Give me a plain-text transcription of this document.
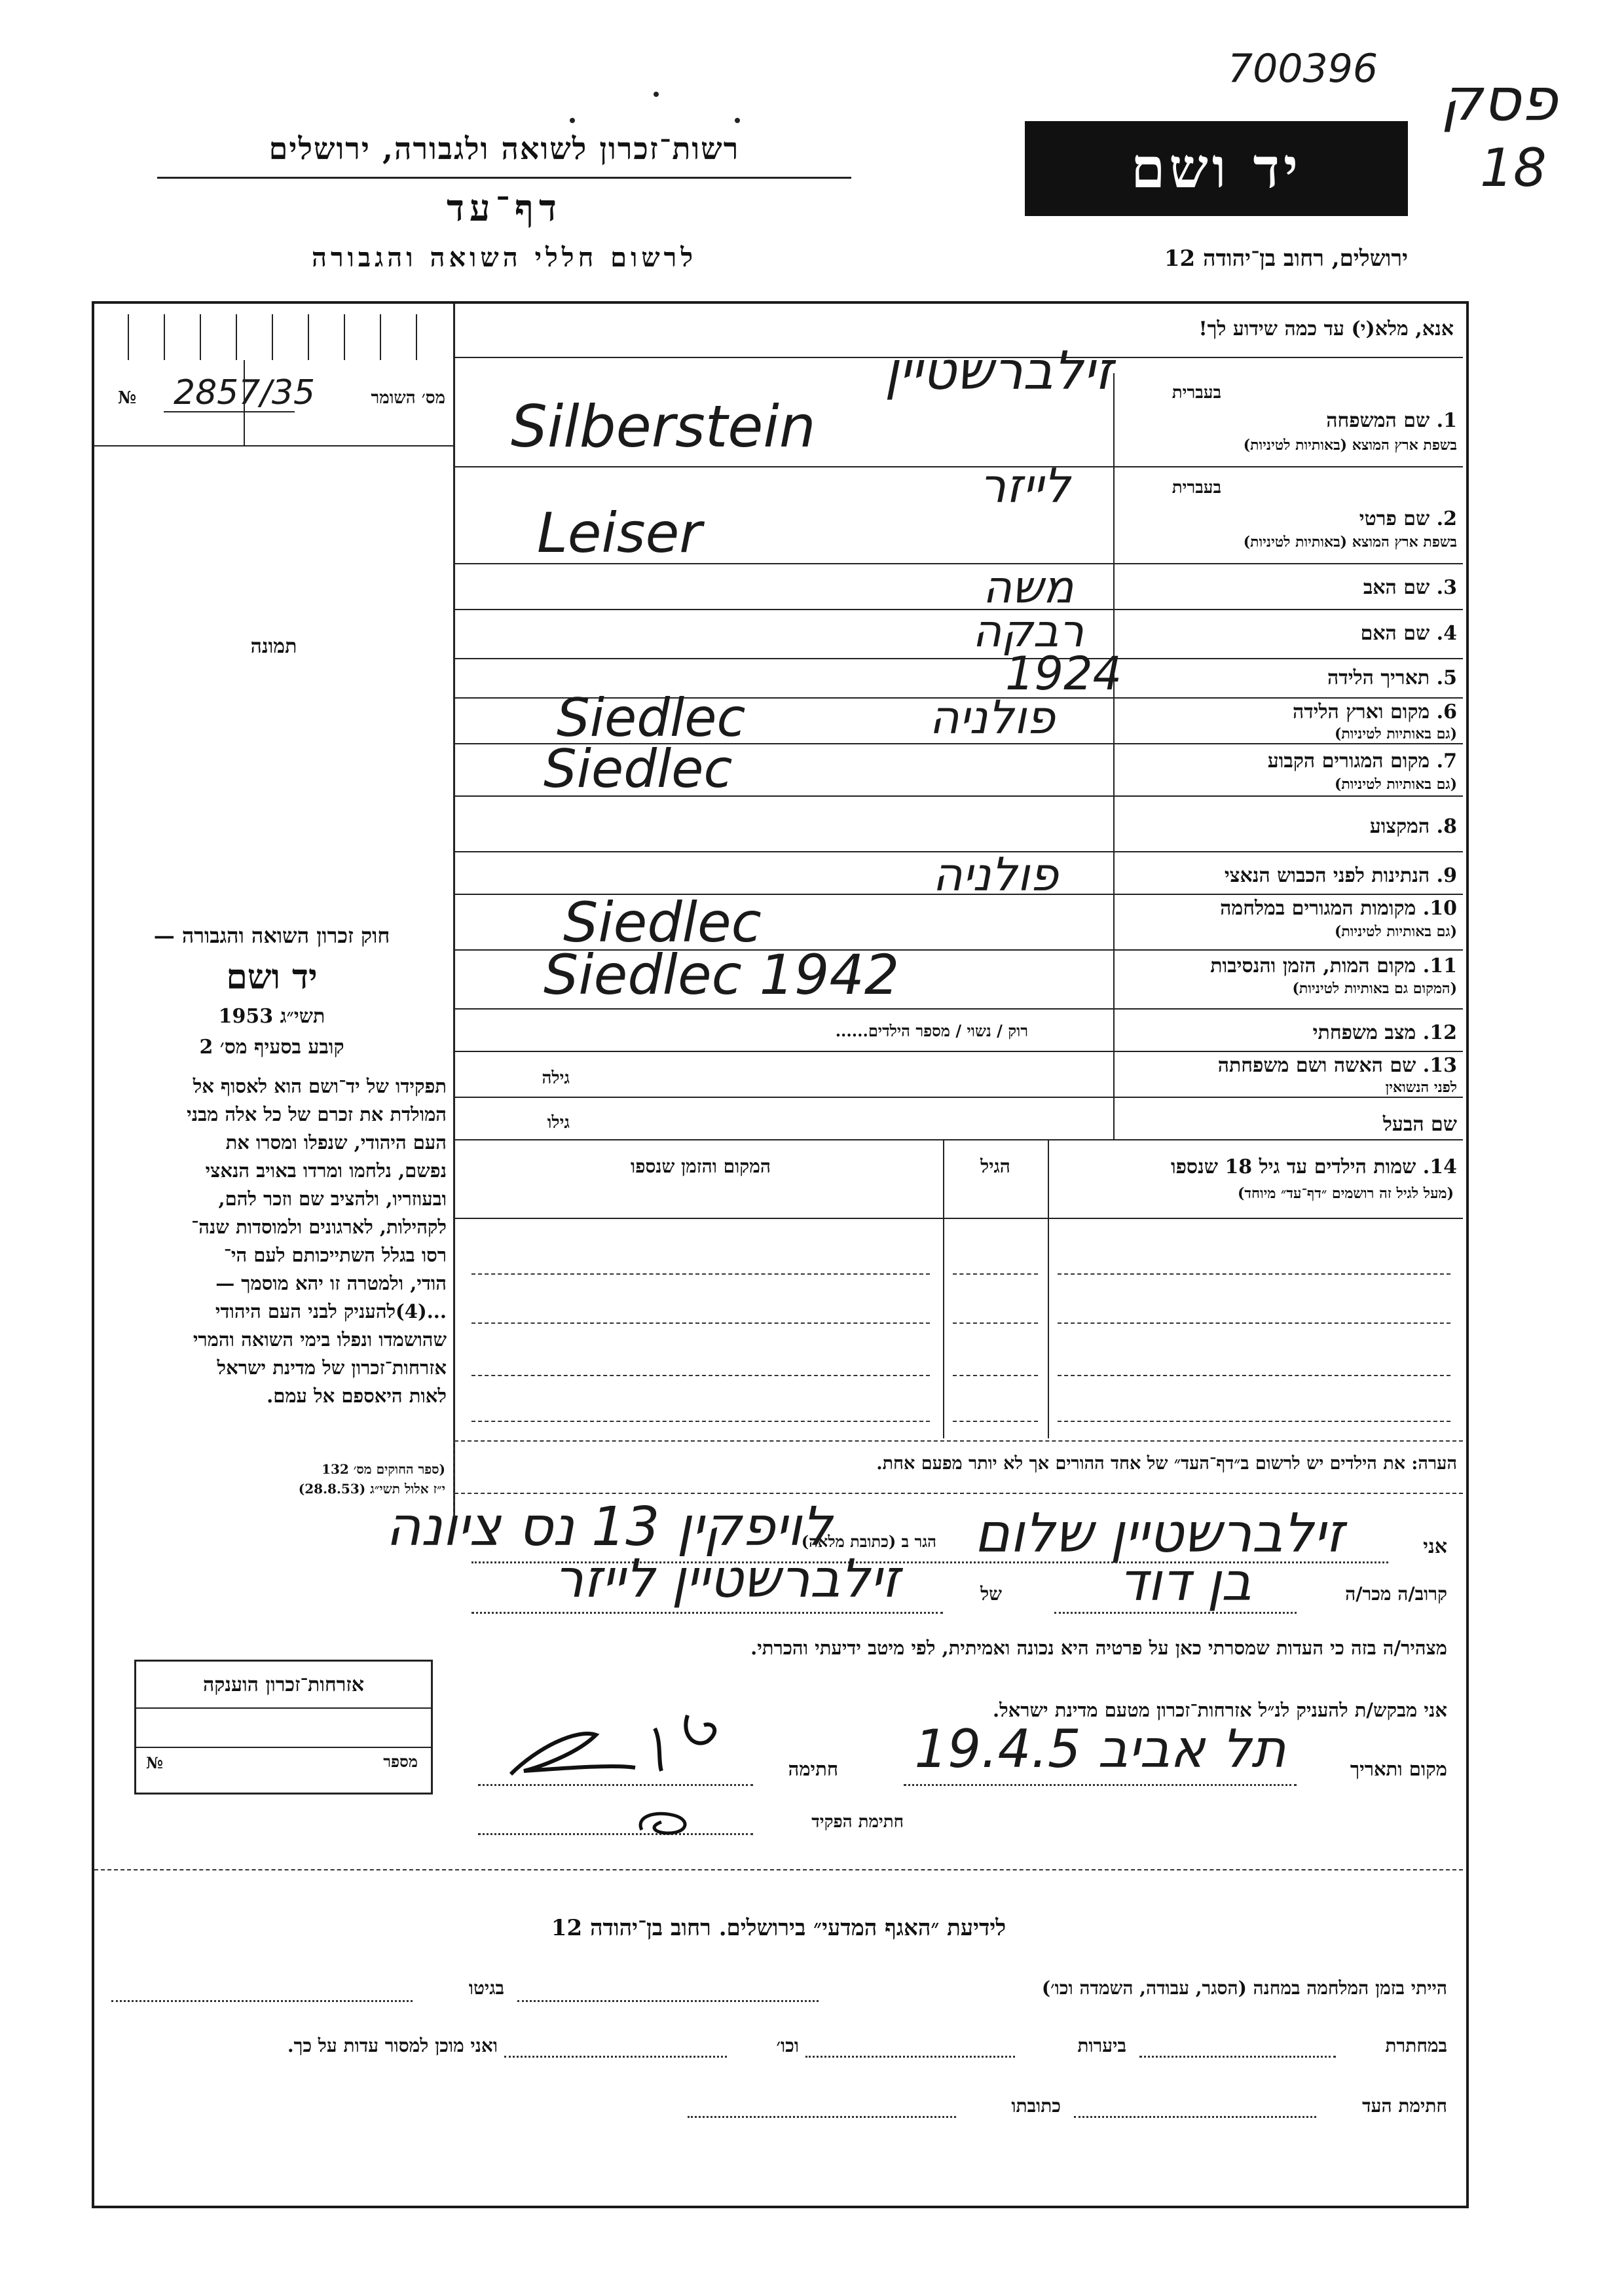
700396 פסק
18
רשות־זכרון לשואה ולגבורה, ירושלים
דף־עד
לרשום חללי השואה והגבורה
יד ושם
ירושלים, רחוב בן־יהודה 12
אנא, מלא(י) עד כמה שידוע לך!
№ 2857/35	מס׳ השומר
תמונה
חוק זכרון השואה והגבורה —
יד ושם
1953 תשי״ג
קובע בסעיף מס׳ 2
תפקידו של יד־ושם הוא לאסוף אל
המולדת את זכרם של כל אלה מבני
העם היהודי, שנפלו ומסרו את
נפשם, נלחמו ומרדו באויב הנאצי
ובעוזריו, ולהציב שם וזכר להם,
לקהילות, לארגונים ולמוסדות שנה־
רסו בגלל השתייכותם לעם הי־
הודי, ולמטרה זו יהא מוסמך —
...(4)להעניק לבני העם היהודי
שהושמדו ונפלו בימי השואה והמרי
אזרחות־זכרון של מדינת ישראל
לאות היאספם אל עמם.
(ספר החוקים מס׳ 132
י״ז אלול תשי״ג (28.8.53)
בעברית
1. שם המשפחה
בשפת ארץ המוצא (באותיות לטיניות)
זילברשטיין
Silberstein
בעברית
2. שם פרטי
בשפת ארץ המוצא (באותיות לטיניות)
לייזר
Leiser
3. שם האב
משה
4. שם האם
רבקה
5. תאריך הלידה
1924
6. מקום וארץ הלידה
(גם באותיות לטיניות)
Siedlec	פולניה
7. מקום המגורים הקבוע
(גם באותיות לטיניות)
Siedlec
8. המקצוע
9. הנתינות לפני הכבוש הנאצי
פולניה
10. מקומות המגורים במלחמה
(גם באותיות לטיניות)
Siedlec
11. מקום המות, הזמן והנסיבות
(המקום גם באותיות לטיניות)
Siedlec 1942
12. מצב משפחתי
רוק / נשוי / מספר הילדים......
13. שם האשה ושם משפחתה
לפני הנשואין
גילה
שם הבעל
גילו
14. שמות הילדים עד גיל 18 שנספו
(מעל לגיל זה רושמים ״דף־עד״ מיוחד)
הגיל
המקום והזמן שנספו
הערה: את הילדים יש לרשום ב״דף־העד״ של אחד ההורים אך לא יותר מפעם אחת.
אני
זילברשטיין שלום
הגר ב (כתובת מלאה)
לויפקין 13 נס ציונה
קרוב/ה מכר/ה
בן דוד
של
זילברשטיין לייזר
מצהיר/ה בזה כי העדות שמסרתי כאן על פרטיה היא נכונה ואמיתית, לפי מיטב ידיעתי והכרתי.
אזרחות־זכרון הוענקה
№	מספר
אני מבקש/ת להעניק לנ״ל אזרחות־זכרון מטעם מדינת ישראל.
מקום ותאריך
תל אביב 19.4.5
חתימה
חתימת הפקיד
לידיעת ״האגף המדעי״ בירושלים. רחוב בן־יהודה 12
הייתי בזמן המלחמה במחנה (הסגר, עבודה, השמדה וכו׳)
בגיטו
במחתרת
ביערות
וכו׳
ואני מוכן למסור עדות על כך.
חתימת העד
כתובתו
